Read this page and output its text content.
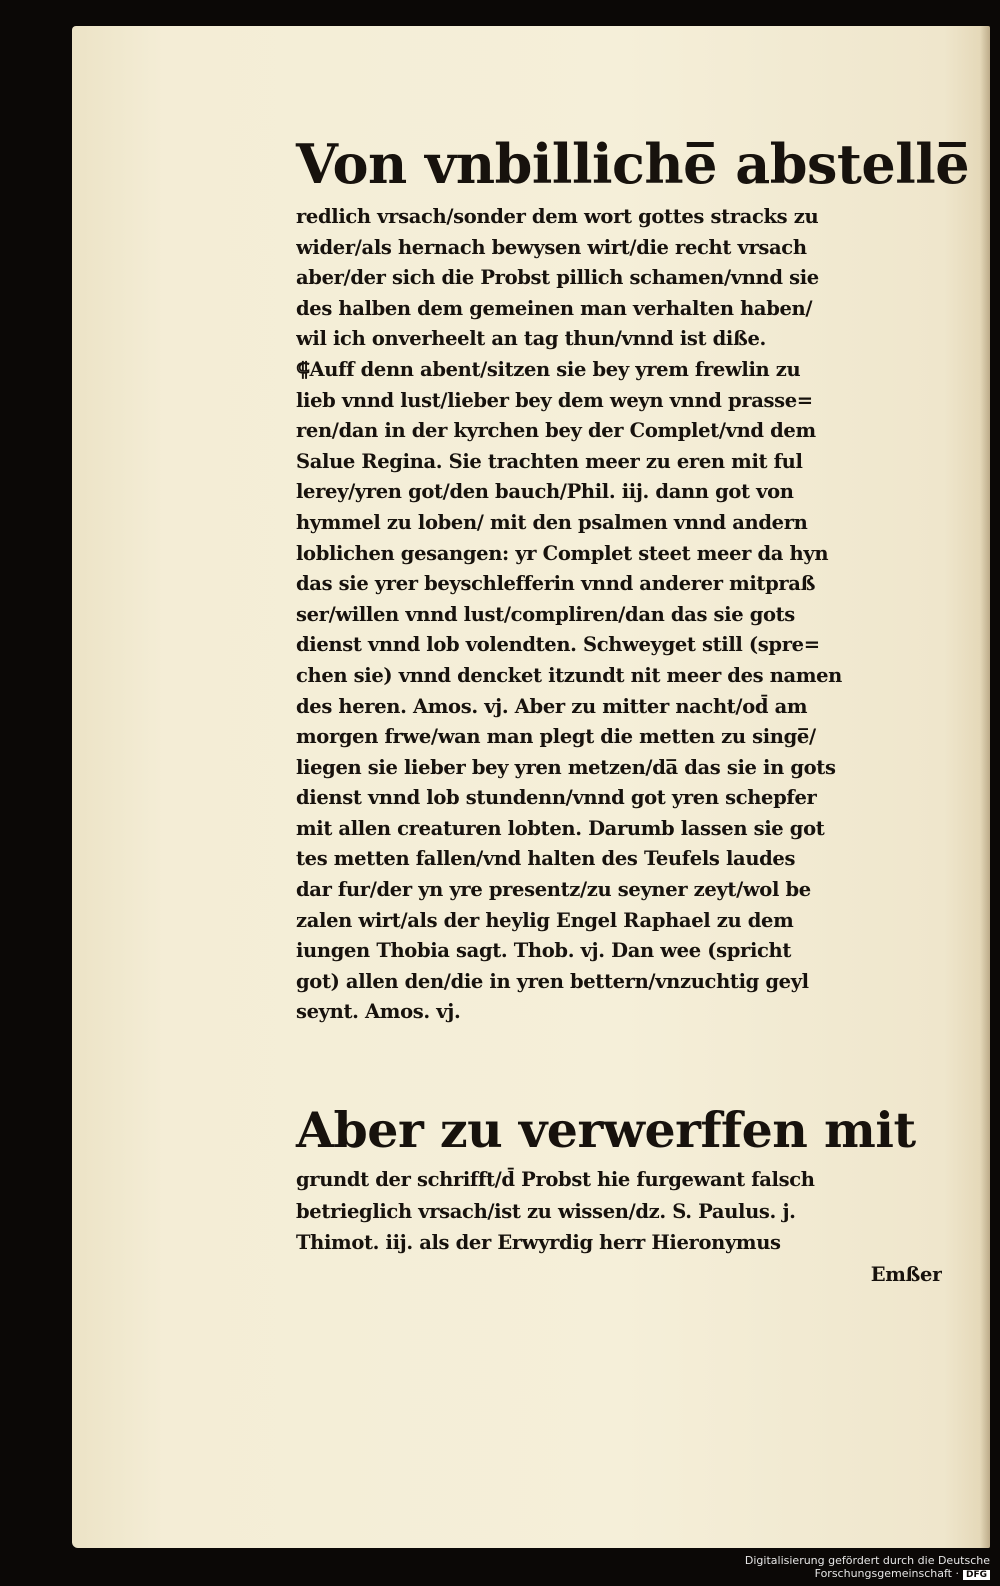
Von vnbilliche̅ abstelle̅
redlich vrsach/sonder dem wort gottes stracks zu
wider/als hernach bewysen wirt/die recht vrsach
aber/der sich die Probst pillich schamen/vnnd sie
des halben dem gemeinen man verhalten haben/
wil ich onverheelt an tag thun/vnnd ist diße.
⸿Auff denn abent/sitzen sie bey yrem frewlin zu
lieb vnnd lust/lieber bey dem weyn vnnd prasse=
ren/dan in der kyrchen bey der Complet/vnd dem
Salue Regina. Sie trachten meer zu eren mit ful
lerey/yren got/den bauch/Phil. iij. dann got von
hymmel zu loben/ mit den psalmen vnnd andern
loblichen gesangen: yr Complet steet meer da hyn
das sie yrer beyschlefferin vnnd anderer mitpraß
ser/willen vnnd lust/compliren/dan das sie gots
dienst vnnd lob volendten. Schweyget still (spre=
chen sie) vnnd dencket itzundt nit meer des namen
des heren. Amos. vj. Aber zu mitter nacht/od̄ am
morgen frwe/wan man plegt die metten zu singe̅/
liegen sie lieber bey yren metzen/da̅ das sie in gots
dienst vnnd lob stundenn/vnnd got yren schepfer
mit allen creaturen lobten. Darumb lassen sie got
tes metten fallen/vnd halten des Teufels laudes
dar fur/der yn yre presentz/zu seyner zeyt/wol be
zalen wirt/als der heylig Engel Raphael zu dem
iungen Thobia sagt. Thob. vj. Dan wee (spricht
got) allen den/die in yren bettern/vnzuchtig geyl
seynt. Amos. vj.
Aber zu verwerffen mit
grundt der schrifft/d̄ Probst hie furgewant falsch
betrieglich vrsach/ist zu wissen/dz. S. Paulus. j.
Thimot. iij. als der Erwyrdig herr Hieronymus
Emßer
Digitalisierung gefördert durch die Deutsche Forschungsgemeinschaft · DFG
